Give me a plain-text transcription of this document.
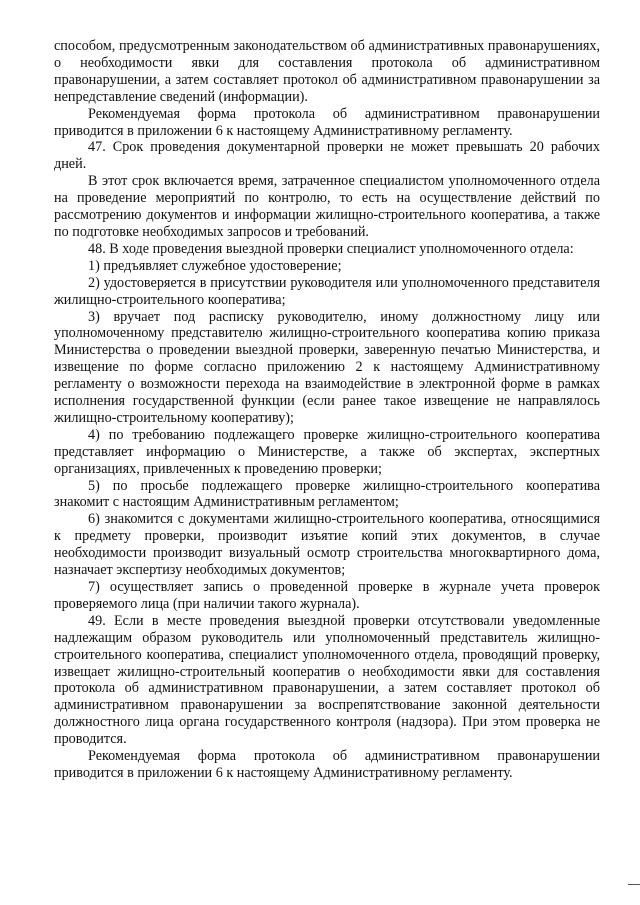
способом, предусмотренным законодательством об административных правонарушениях, о необходимости явки для составления протокола об административном правонарушении, а затем составляет протокол об административном правонарушении за непредставление сведений (информации).

Рекомендуемая форма протокола об административном правонарушении приводится в приложении 6 к настоящему Административному регламенту.

47. Срок проведения документарной проверки не может превышать 20 рабочих дней.

В этот срок включается время, затраченное специалистом уполномоченного отдела на проведение мероприятий по контролю, то есть на осуществление действий по рассмотрению документов и информации жилищно-строительного кооператива, а также по подготовке необходимых запросов и требований.

48. В ходе проведения выездной проверки специалист уполномоченного отдела:

1) предъявляет служебное удостоверение;

2) удостоверяется в присутствии руководителя или уполномоченного представителя жилищно-строительного кооператива;

3) вручает под расписку руководителю, иному должностному лицу или уполномоченному представителю жилищно-строительного кооператива копию приказа Министерства о проведении выездной проверки, заверенную печатью Министерства, и извещение по форме согласно приложению 2 к настоящему Административному регламенту о возможности перехода на взаимодействие в электронной форме в рамках исполнения государственной функции (если ранее такое извещение не направлялось жилищно-строительному кооперативу);

4) по требованию подлежащего проверке жилищно-строительного кооператива представляет информацию о Министерстве, а также об экспертах, экспертных организациях, привлеченных к проведению проверки;

5) по просьбе подлежащего проверке жилищно-строительного кооператива знакомит с настоящим Административным регламентом;

6) знакомится с документами жилищно-строительного кооператива, относящимися к предмету проверки, производит изъятие копий этих документов, в случае необходимости производит визуальный осмотр строительства многоквартирного дома, назначает экспертизу необходимых документов;

7) осуществляет запись о проведенной проверке в журнале учета проверок проверяемого лица (при наличии такого журнала).

49. Если в месте проведения выездной проверки отсутствовали уведомленные надлежащим образом руководитель или уполномоченный представитель жилищно-строительного кооператива, специалист уполномоченного отдела, проводящий проверку, извещает жилищно-строительный кооператив о необходимости явки для составления протокола об административном правонарушении, а затем составляет протокол об административном правонарушении за воспрепятствование законной деятельности должностного лица органа государственного контроля (надзора). При этом проверка не проводится.

Рекомендуемая форма протокола об административном правонарушении приводится в приложении 6 к настоящему Административному регламенту.
